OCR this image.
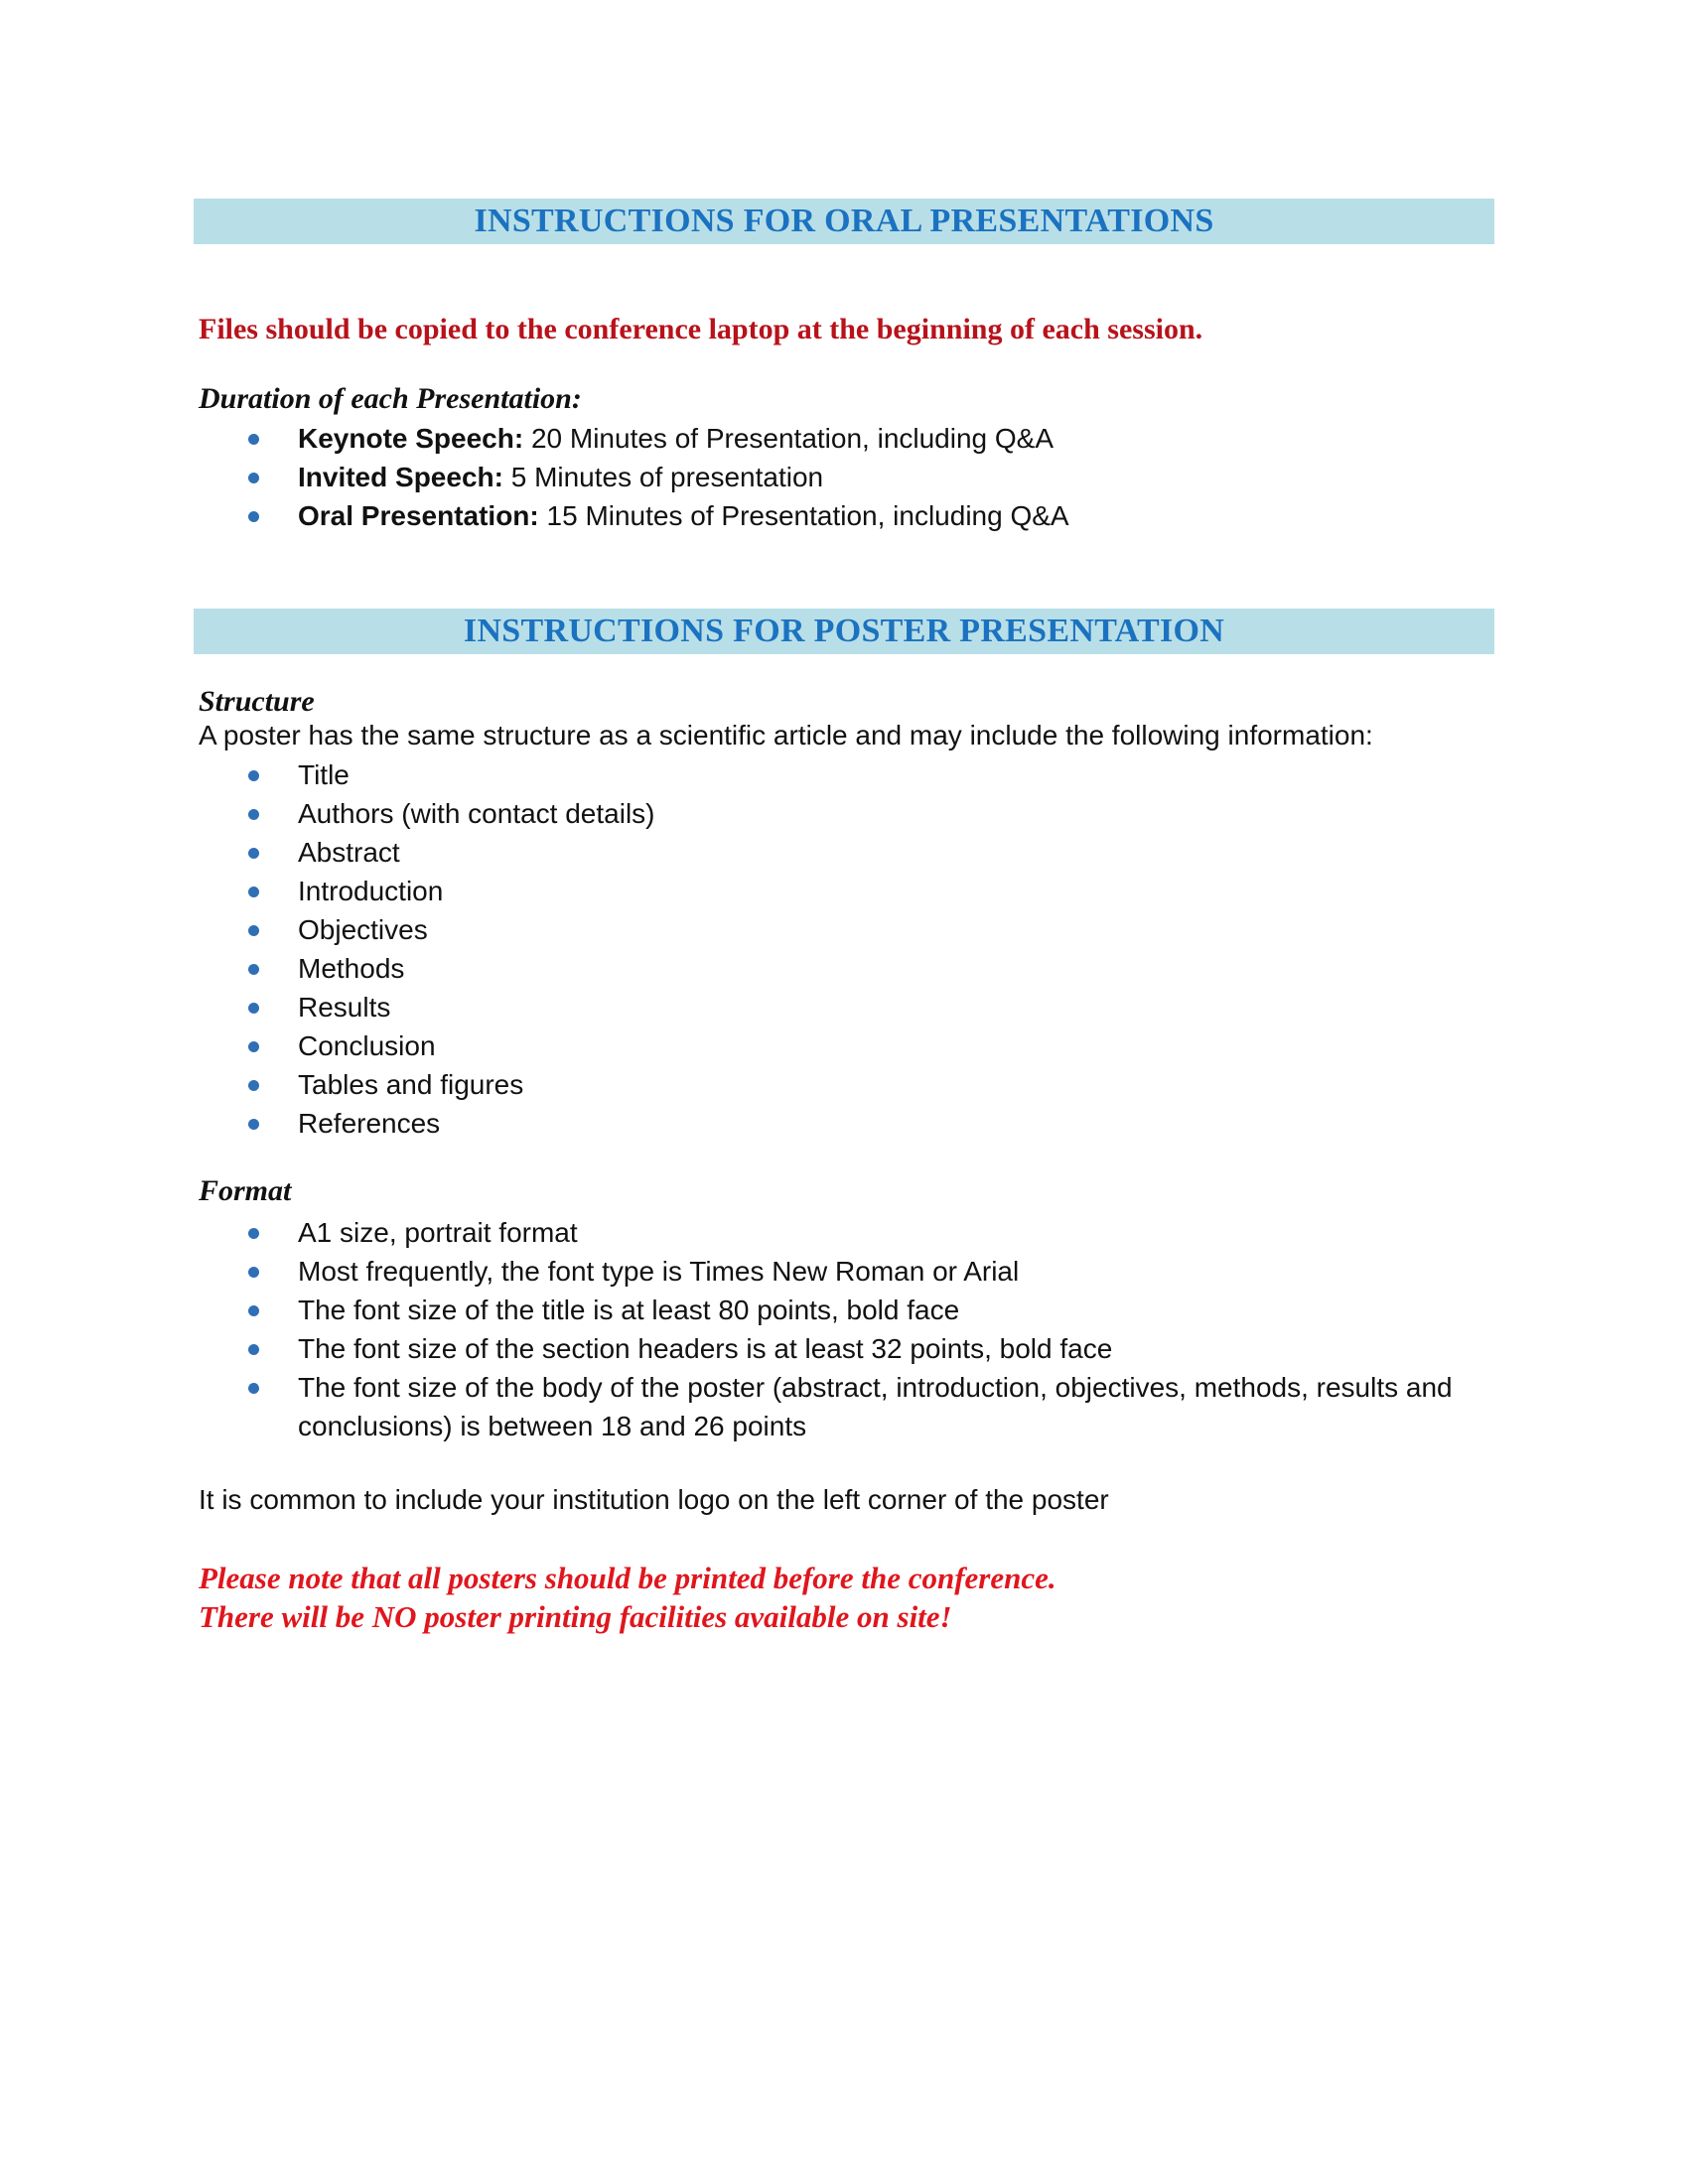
INSTRUCTIONS FOR ORAL PRESENTATIONS
Files should be copied to the conference laptop at the beginning of each session.
Duration of each Presentation:
Keynote Speech: 20 Minutes of Presentation, including Q&A
Invited Speech: 5 Minutes of presentation
Oral Presentation: 15 Minutes of Presentation, including Q&A
INSTRUCTIONS FOR POSTER PRESENTATION
Structure
A poster has the same structure as a scientific article and may include the following information:
Title
Authors (with contact details)
Abstract
Introduction
Objectives
Methods
Results
Conclusion
Tables and figures
References
Format
A1 size, portrait format
Most frequently, the font type is Times New Roman or Arial
The font size of the title is at least 80 points, bold face
The font size of the section headers is at least 32 points, bold face
The font size of the body of the poster (abstract, introduction, objectives, methods, results and conclusions) is between 18 and 26 points
It is common to include your institution logo on the left corner of the poster
Please note that all posters should be printed before the conference.
There will be NO poster printing facilities available on site!
